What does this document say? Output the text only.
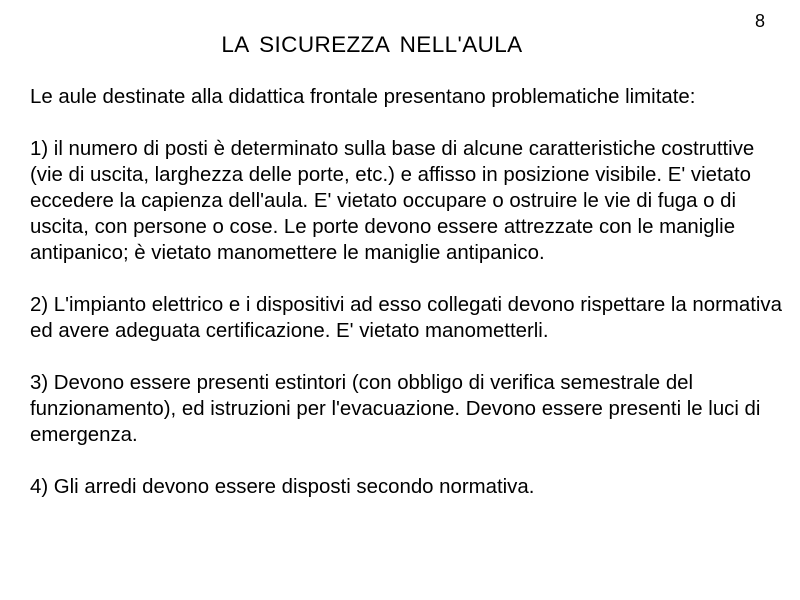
8
LA SICUREZZA NELL'AULA

Le aule destinate alla didattica frontale presentano problematiche limitate:

1) il numero di posti è determinato sulla base di alcune caratteristiche costruttive (vie di uscita, larghezza delle porte, etc.) e affisso in posizione visibile. E' vietato eccedere la capienza dell'aula. E' vietato occupare o ostruire le vie di fuga o di uscita, con persone o cose. Le porte devono essere attrezzate con le maniglie antipanico; è vietato manomettere le maniglie antipanico.

2) L'impianto elettrico e i dispositivi ad esso collegati devono rispettare la normativa ed avere adeguata certificazione. E' vietato manometterli.

3) Devono essere presenti estintori (con obbligo di verifica semestrale del funzionamento), ed istruzioni per l'evacuazione. Devono essere presenti le luci di emergenza.

4) Gli arredi devono essere disposti secondo normativa.
